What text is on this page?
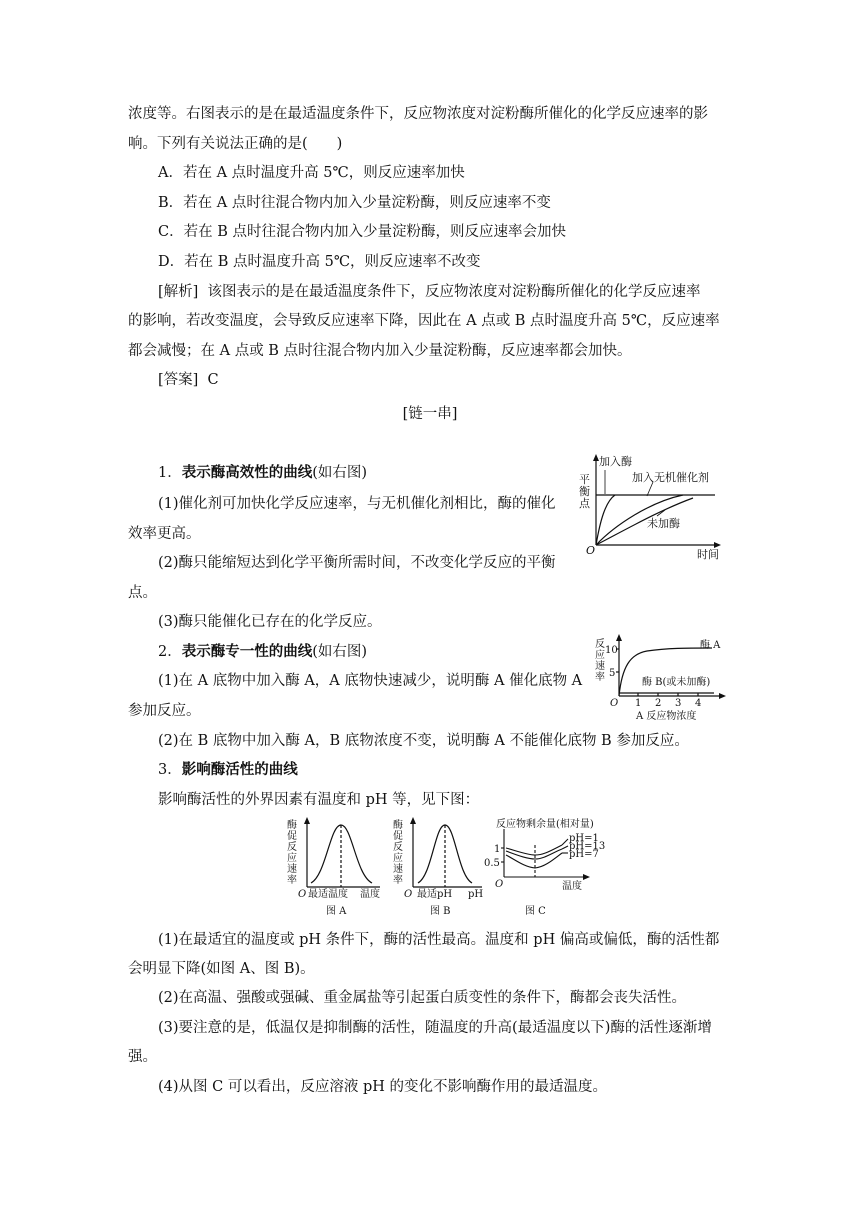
浓度等。右图表示的是在最适温度条件下，反应物浓度对淀粉酶所催化的化学反应速率的影
响。下列有关说法正确的是(　　)
A．若在 A 点时温度升高 5℃，则反应速率加快
B．若在 A 点时往混合物内加入少量淀粉酶，则反应速率不变
C．若在 B 点时往混合物内加入少量淀粉酶，则反应速率会加快
D．若在 B 点时温度升高 5℃，则反应速率不改变
[解析] 该图表示的是在最适温度条件下，反应物浓度对淀粉酶所催化的化学反应速率
的影响，若改变温度，会导致反应速率下降，因此在 A 点或 B 点时温度升高 5℃，反应速率
都会减慢；在 A 点或 B 点时往混合物内加入少量淀粉酶，反应速率都会加快。
[答案] C
[链一串]
1．表示酶高效性的曲线(如右图)
(1)催化剂可加快化学反应速率，与无机催化剂相比，酶的催化
效率更高。
(2)酶只能缩短达到化学平衡所需时间，不改变化学反应的平衡
点。
(3)酶只能催化已存在的化学反应。
2．表示酶专一性的曲线(如右图)
(1)在 A 底物中加入酶 A，A 底物快速减少，说明酶 A 催化底物 A
参加反应。
(2)在 B 底物中加入酶 A，B 底物浓度不变，说明酶 A 不能催化底物 B 参加反应。
3．影响酶活性的曲线
影响酶活性的外界因素有温度和 pH 等，见下图：
(1)在最适宜的温度或 pH 条件下，酶的活性最高。温度和 pH 偏高或偏低，酶的活性都
会明显下降(如图 A、图 B)。
(2)在高温、强酸或强碱、重金属盐等引起蛋白质变性的条件下，酶都会丧失活性。
(3)要注意的是，低温仅是抑制酶的活性，随温度的升高(最适温度以下)酶的活性逐渐增
强。
(4)从图 C 可以看出，反应溶液 pH 的变化不影响酶作用的最适温度。
加入酶
加入无机催化剂
平
衡
点
未加酶
O	时间
反
应
速
率
10
5
O 1 2 3 4
酶 A
酶 B(或未加酶)
A 反应物浓度
酶
促
反
应
速
率
O 最适温度 温度
图 A
酶
促
反
应
速
率
O 最适pH pH
图 B
反应物剩余量(相对量)
1
0.5
O
pH=1
pH=13
pH=7
温度
图 C
